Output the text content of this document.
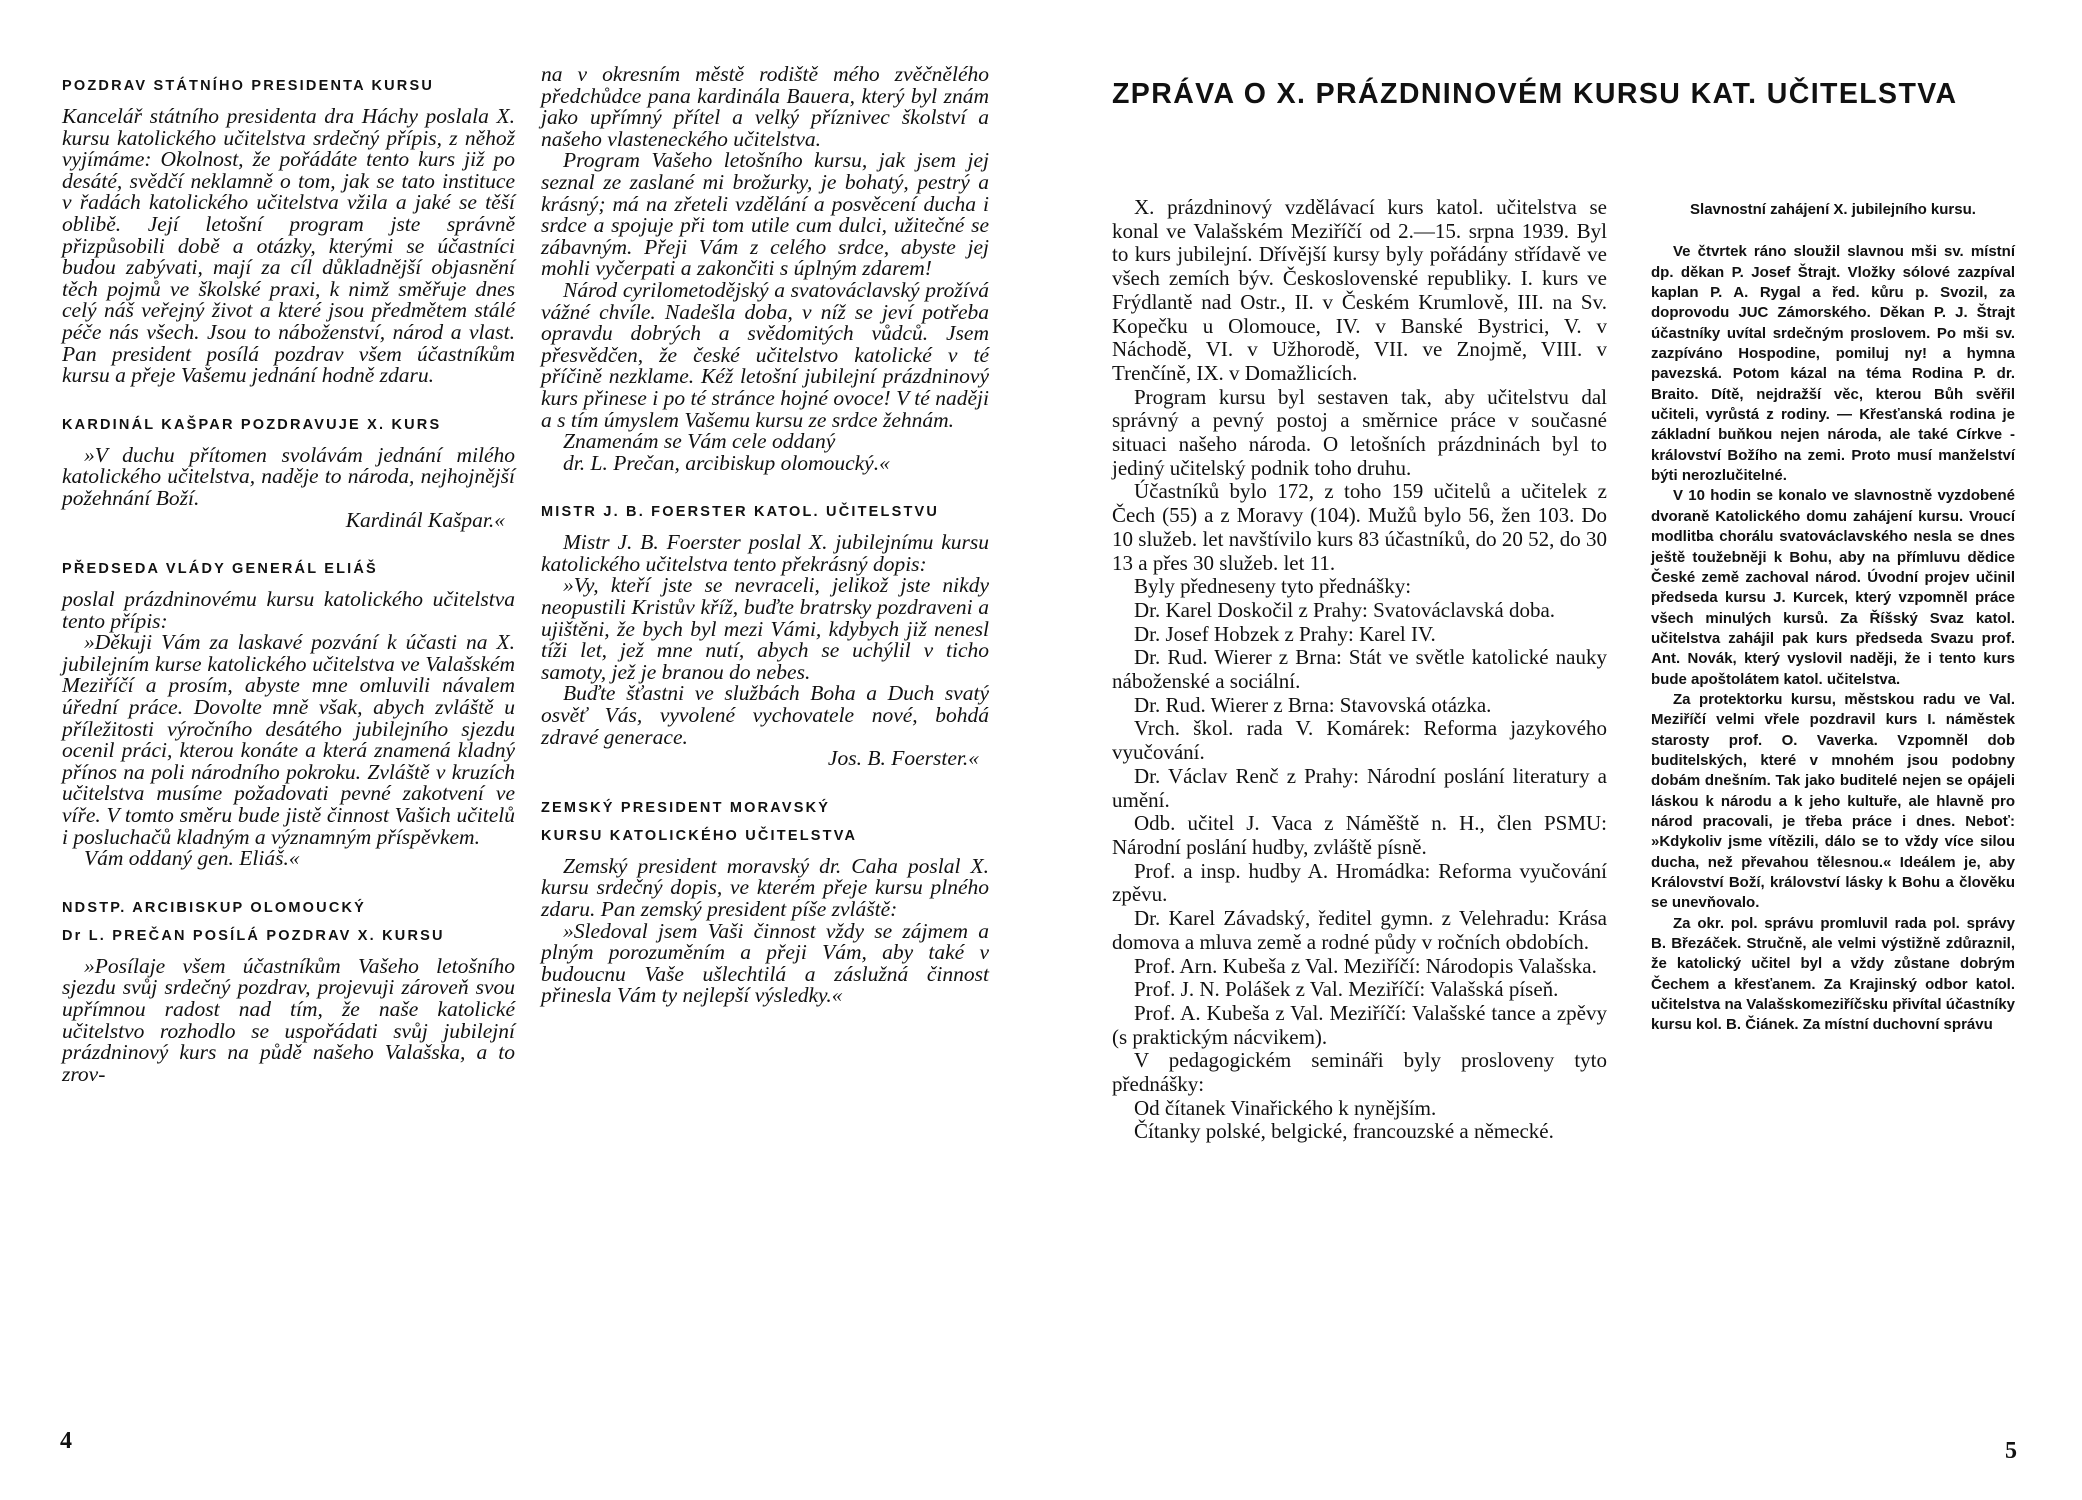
POZDRAV STÁTNÍHO PRESIDENTA KURSU

Kancelář státního presidenta dra Háchy poslala X. kursu katolického učitelstva srdečný přípis, z něhož vyjímáme: Okolnost, že pořádáte tento kurs již po desáté, svědčí neklamně o tom, jak se tato instituce v řadách katolického učitelstva vžila a jaké se těší oblibě. Její letošní program jste správně přizpůsobili době a otázky, kterými se účastníci budou zabývati, mají za cíl důkladnější objasnění těch pojmů ve školské praxi, k nimž směřuje dnes celý náš veřejný život a které jsou předmětem stálé péče nás všech. Jsou to náboženství, národ a vlast. Pan president posílá pozdrav všem účastníkům kursu a přeje Vašemu jednání hodně zdaru.

KARDINÁL KAŠPAR POZDRAVUJE X. KURS

»V duchu přítomen svolávám jednání milého katolického učitelstva, naděje to národa, nejhojnější požehnání Boží.

Kardinál Kašpar.«

PŘEDSEDA VLÁDY GENERÁL ELIÁŠ

poslal prázdninovému kursu katolického učitelstva tento přípis:

»Děkuji Vám za laskavé pozvání k účasti na X. jubilejním kurse katolického učitelstva ve Valašském Meziříčí a prosím, abyste mne omluvili návalem úřední práce. Dovolte mně však, abych zvláště u příležitosti výročního desátého jubilejního sjezdu ocenil práci, kterou konáte a která znamená kladný přínos na poli národního pokroku. Zvláště v kruzích učitelstva musíme požadovati pevné zakotvení ve víře. V tomto směru bude jistě činnost Vašich učitelů i posluchačů kladným a významným příspěvkem.

Vám oddaný gen. Eliáš.«

NDSTP. ARCIBISKUP OLOMOUCKÝ

Dr L. PREČAN POSÍLÁ POZDRAV X. KURSU

»Posílaje všem účastníkům Vašeho letošního sjezdu svůj srdečný pozdrav, projevuji zároveň svou upřímnou radost nad tím, že naše katolické učitelstvo rozhodlo se uspořádati svůj jubilejní prázdninový kurs na půdě našeho Valašska, a to zrov-

na v okresním městě rodiště mého zvěčnělého předchůdce pana kardinála Bauera, který byl znám jako upřímný přítel a velký příznivec školství a našeho vlasteneckého učitelstva.

Program Vašeho letošního kursu, jak jsem jej seznal ze zaslané mi brožurky, je bohatý, pestrý a krásný; má na zřeteli vzdělání a posvěcení ducha i srdce a spojuje při tom utile cum dulci, užitečné se zábavným. Přeji Vám z celého srdce, abyste jej mohli vyčerpati a zakončiti s úplným zdarem!

Národ cyrilometodějský a svatováclavský prožívá vážné chvíle. Nadešla doba, v níž se jeví potřeba opravdu dobrých a svědomitých vůdců. Jsem přesvědčen, že české učitelstvo katolické v té příčině nezklame. Kéž letošní jubilejní prázdninový kurs přinese i po té stránce hojné ovoce! V té naději a s tím úmyslem Vašemu kursu ze srdce žehnám.

Znamenám se Vám cele oddaný

dr. L. Prečan, arcibiskup olomoucký.«

MISTR J. B. FOERSTER KATOL. UČITELSTVU

Mistr J. B. Foerster poslal X. jubilejnímu kursu katolického učitelstva tento překrásný dopis:

»Vy, kteří jste se nevraceli, jelikož jste nikdy neopustili Kristův kříž, buďte bratrsky pozdraveni a ujištěni, že bych byl mezi Vámi, kdybych již nenesl tíži let, jež mne nutí, abych se uchýlil v ticho samoty, jež je branou do nebes.

Buďte šťastni ve službách Boha a Duch svatý osvěť Vás, vyvolené vychovatele nové, bohdá zdravé generace.

Jos. B. Foerster.«

ZEMSKÝ PRESIDENT MORAVSKÝ

KURSU KATOLICKÉHO UČITELSTVA

Zemský president moravský dr. Caha poslal X. kursu srdečný dopis, ve kterém přeje kursu plného zdaru. Pan zemský president píše zvláště:

»Sledoval jsem Vaši činnost vždy se zájmem a plným porozuměním a přeji Vám, aby také v budoucnu Vaše ušlechtilá a záslužná činnost přinesla Vám ty nejlepší výsledky.«

4

ZPRÁVA O X. PRÁZDNINOVÉM KURSU KAT. UČITELSTVA

X. prázdninový vzdělávací kurs katol. učitelstva se konal ve Valašském Meziříčí od 2.—15. srpna 1939. Byl to kurs jubilejní. Dřívější kursy byly pořádány střídavě ve všech zemích býv. Československé republiky. I. kurs ve Frýdlantě nad Ostr., II. v Českém Krumlově, III. na Sv. Kopečku u Olomouce, IV. v Banské Bystrici, V. v Náchodě, VI. v Užhorodě, VII. ve Znojmě, VIII. v Trenčíně, IX. v Domažlicích.

Program kursu byl sestaven tak, aby učitelstvu dal správný a pevný postoj a směrnice práce v současné situaci našeho národa. O letošních prázdninách byl to jediný učitelský podnik toho druhu.

Účastníků bylo 172, z toho 159 učitelů a učitelek z Čech (55) a z Moravy (104). Mužů bylo 56, žen 103. Do 10 služeb. let navštívilo kurs 83 účastníků, do 20 52, do 30 13 a přes 30 služeb. let 11.

Byly předneseny tyto přednášky:

Dr. Karel Doskočil z Prahy: Svatováclavská doba.

Dr. Josef Hobzek z Prahy: Karel IV.

Dr. Rud. Wierer z Brna: Stát ve světle katolické nauky náboženské a sociální.

Dr. Rud. Wierer z Brna: Stavovská otázka.

Vrch. škol. rada V. Komárek: Reforma jazykového vyučování.

Dr. Václav Renč z Prahy: Národní poslání literatury a umění.

Odb. učitel J. Vaca z Náměště n. H., člen PSMU: Národní poslání hudby, zvláště písně.

Prof. a insp. hudby A. Hromádka: Reforma vyučování zpěvu.

Dr. Karel Závadský, ředitel gymn. z Velehradu: Krása domova a mluva země a rodné půdy v ročních obdobích.

Prof. Arn. Kubeša z Val. Meziříčí: Národopis Valašska.

Prof. J. N. Polášek z Val. Meziříčí: Valašská píseň.

Prof. A. Kubeša z Val. Meziříčí: Valašské tance a zpěvy (s praktickým nácvikem).

V pedagogickém semináři byly prosloveny tyto přednášky:

Od čítanek Vinařického k nynějším.

Čítanky polské, belgické, francouzské a německé.

Slavnostní zahájení X. jubilejního kursu.

Ve čtvrtek ráno sloužil slavnou mši sv. místní dp. děkan P. Josef Štrajt. Vložky sólové zazpíval kaplan P. A. Rygal a řed. kůru p. Svozil, za doprovodu JUC Zámorského. Děkan P. J. Štrajt účastníky uvítal srdečným proslovem. Po mši sv. zazpíváno Hospodine, pomiluj ny! a hymna pavezská. Potom kázal na téma Rodina P. dr. Braito. Dítě, nejdražší věc, kterou Bůh svěřil učiteli, vyrůstá z rodiny. — Křesťanská rodina je základní buňkou nejen národa, ale také Církve - království Božího na zemi. Proto musí manželství býti nerozlučitelné.

V 10 hodin se konalo ve slavnostně vyzdobené dvoraně Katolického domu zahájení kursu. Vroucí modlitba chorálu svatováclavského nesla se dnes ještě toužebněji k Bohu, aby na přímluvu dědice České země zachoval národ. Úvodní projev učinil předseda kursu J. Kurcek, který vzpomněl práce všech minulých kursů. Za Říšský Svaz katol. učitelstva zahájil pak kurs předseda Svazu prof. Ant. Novák, který vyslovil naději, že i tento kurs bude apoštolátem katol. učitelstva.

Za protektorku kursu, městskou radu ve Val. Meziříčí velmi vřele pozdravil kurs I. náměstek starosty prof. O. Vaverka. Vzpomněl dob buditelských, které v mnohém jsou podobny dobám dnešním. Tak jako buditelé nejen se opájeli láskou k národu a k jeho kultuře, ale hlavně pro národ pracovali, je třeba práce i dnes. Neboť: »Kdykoliv jsme vítězili, dálo se to vždy více silou ducha, než převahou tělesnou.« Ideálem je, aby Království Boží, království lásky k Bohu a člověku se unevňovalo.

Za okr. pol. správu promluvil rada pol. správy B. Březáček. Stručně, ale velmi výstižně zdůraznil, že katolický učitel byl a vždy zůstane dobrým Čechem a křesťanem. Za Krajinský odbor katol. učitelstva na Valašskomeziříčsku přivítal účastníky kursu kol. B. Čiánek. Za místní duchovní správu

5
